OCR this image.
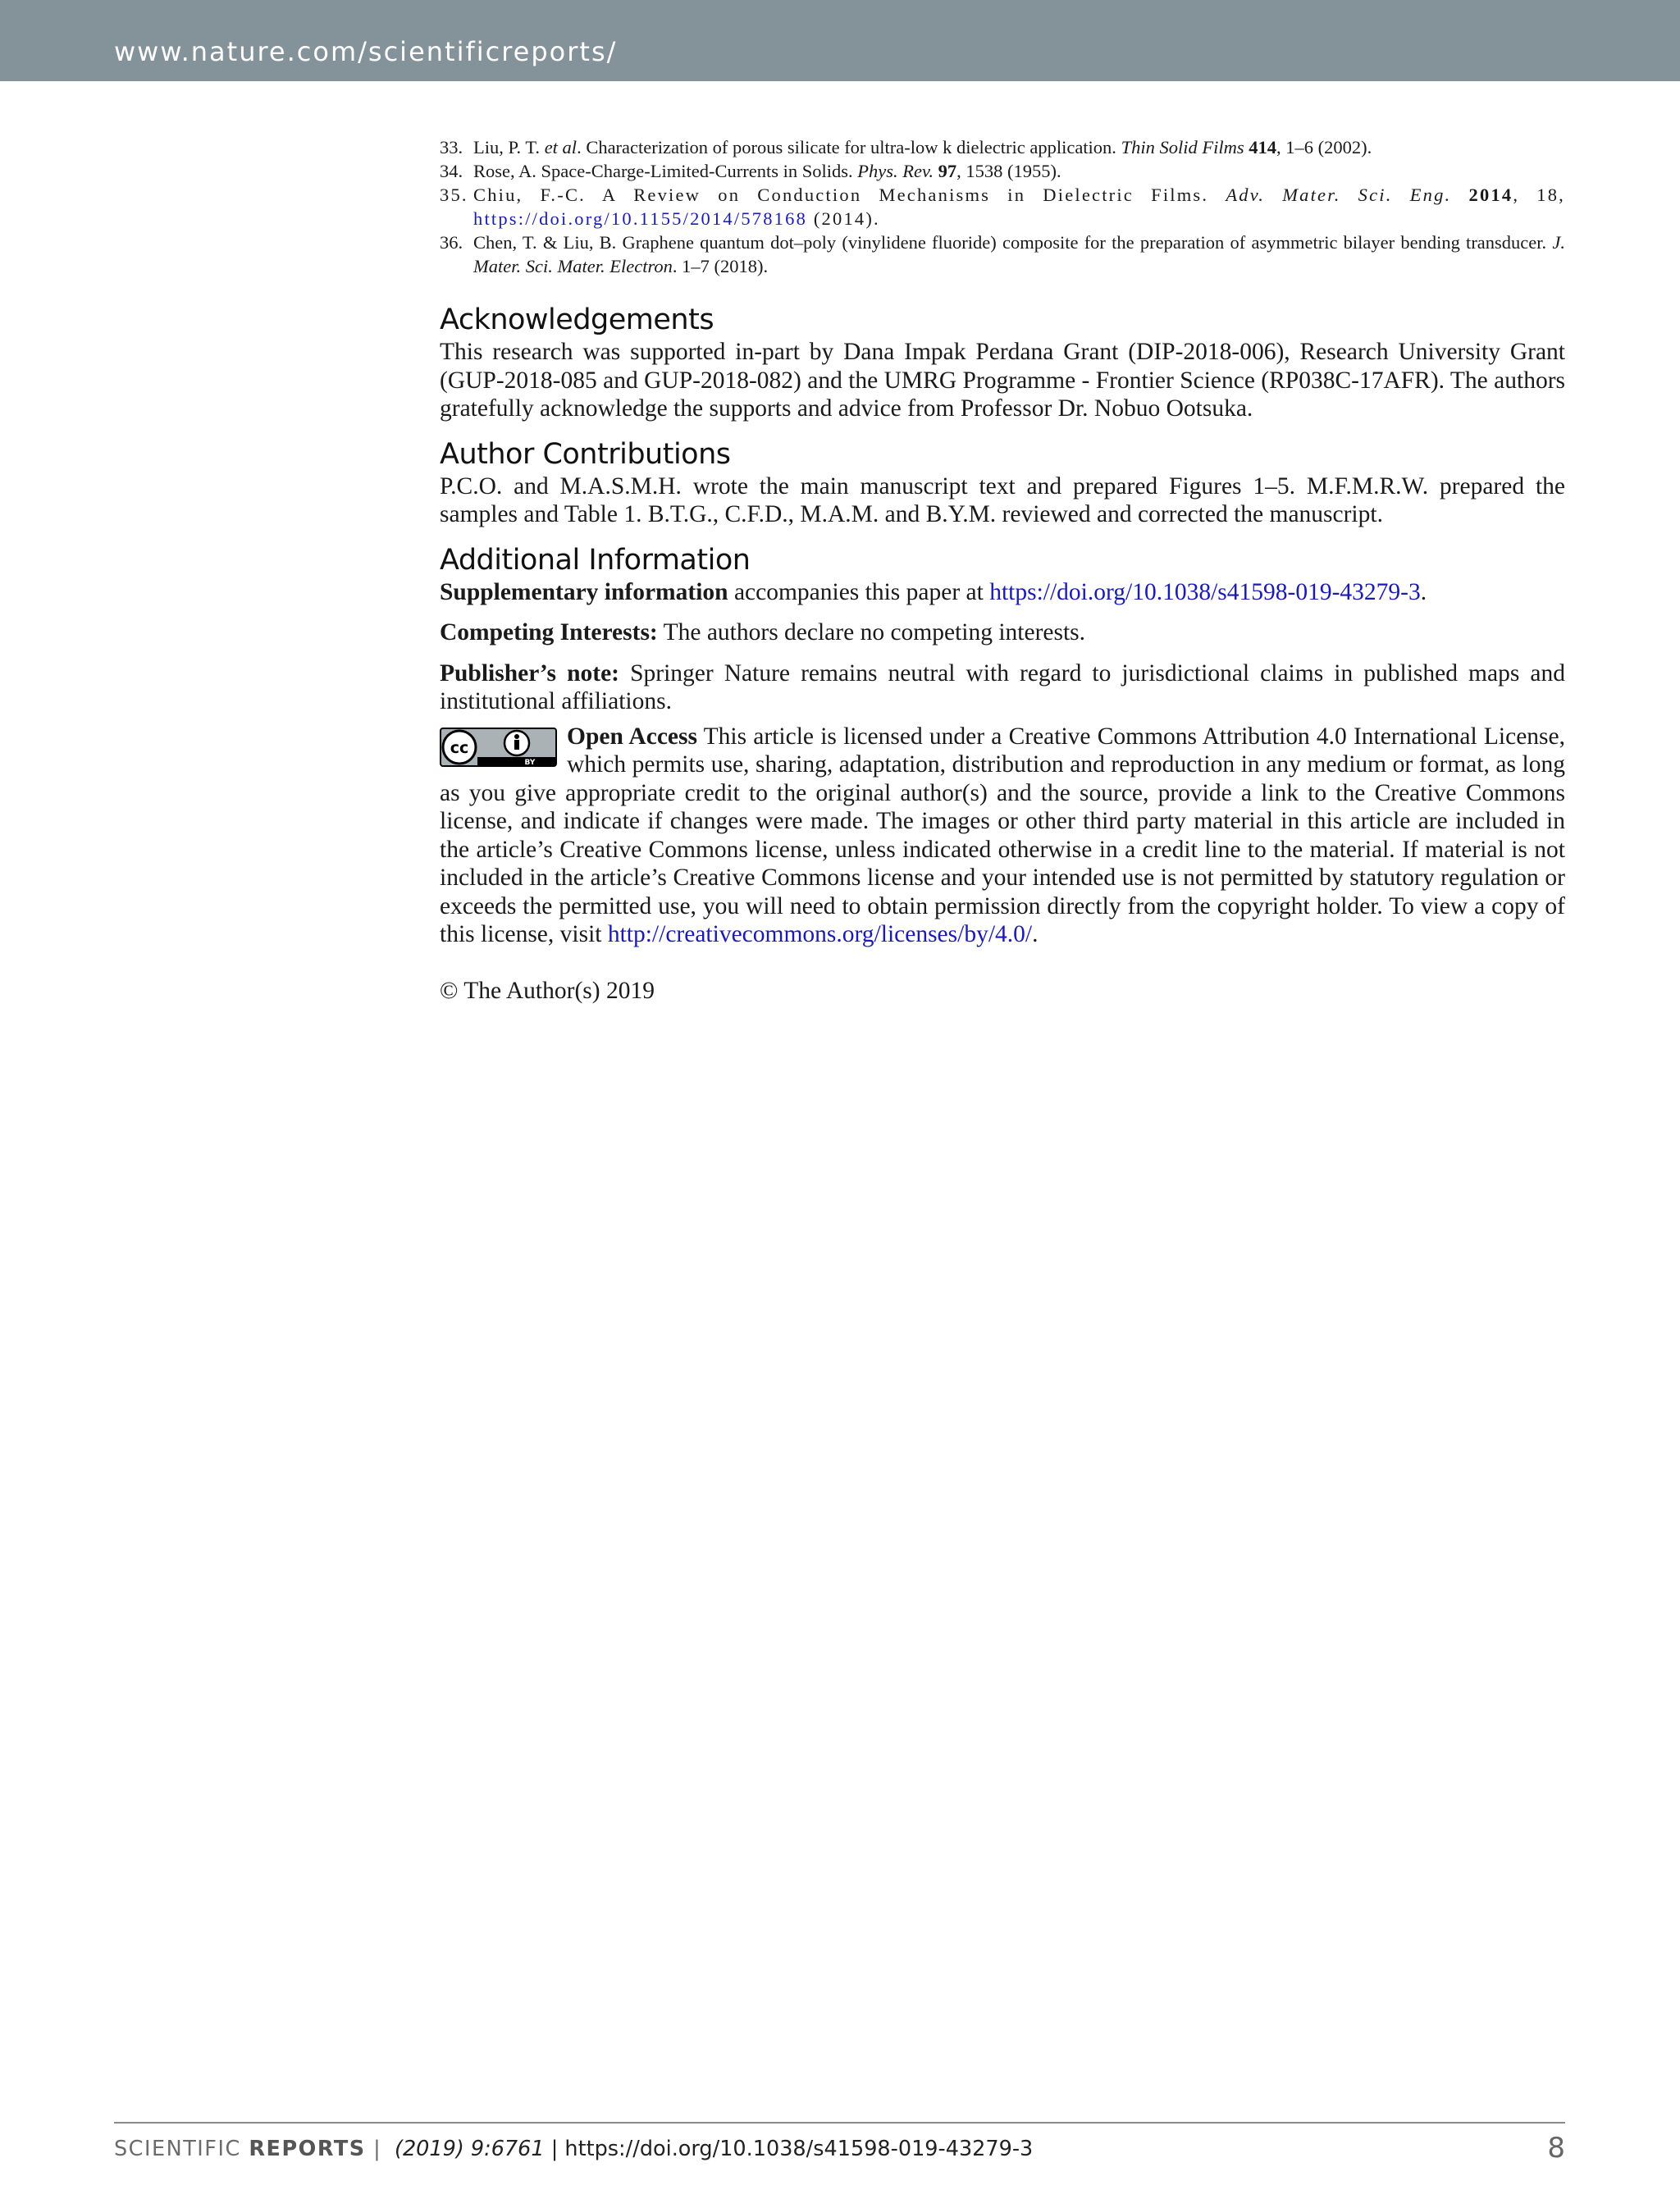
www.nature.com/scientificreports/
33. Liu, P. T. et al. Characterization of porous silicate for ultra-low k dielectric application. Thin Solid Films 414, 1–6 (2002).
34. Rose, A. Space-Charge-Limited-Currents in Solids. Phys. Rev. 97, 1538 (1955).
35. Chiu, F.-C. A Review on Conduction Mechanisms in Dielectric Films. Adv. Mater. Sci. Eng. 2014, 18, https://doi.org/10.1155/2014/578168 (2014).
36. Chen, T. & Liu, B. Graphene quantum dot–poly (vinylidene fluoride) composite for the preparation of asymmetric bilayer bending transducer. J. Mater. Sci. Mater. Electron. 1–7 (2018).
Acknowledgements

This research was supported in-part by Dana Impak Perdana Grant (DIP-2018-006), Research University Grant (GUP-2018-085 and GUP-2018-082) and the UMRG Programme - Frontier Science (RP038C-17AFR). The authors gratefully acknowledge the supports and advice from Professor Dr. Nobuo Ootsuka.

Author Contributions

P.C.O. and M.A.S.M.H. wrote the main manuscript text and prepared Figures 1–5. M.F.M.R.W. prepared the samples and Table 1. B.T.G., C.F.D., M.A.M. and B.Y.M. reviewed and corrected the manuscript.

Additional Information

Supplementary information accompanies this paper at https://doi.org/10.1038/s41598-019-43279-3.

Competing Interests: The authors declare no competing interests.

Publisher’s note: Springer Nature remains neutral with regard to jurisdictional claims in published maps and institutional affiliations.

cc
BY

Open Access This article is licensed under a Creative Commons Attribution 4.0 International License, which permits use, sharing, adaptation, distribution and reproduction in any medium or format, as long as you give appropriate credit to the original author(s) and the source, provide a link to the Creative Commons license, and indicate if changes were made. The images or other third party material in this article are included in the article’s Creative Commons license, unless indicated otherwise in a credit line to the material. If material is not included in the article’s Creative Commons license and your intended use is not permitted by statutory regulation or exceeds the permitted use, you will need to obtain permission directly from the copyright holder. To view a copy of this license, visit http://creativecommons.org/licenses/by/4.0/.

© The Author(s) 2019

SCIENTIFIC REPORTS | (2019) 9:6761 | https://doi.org/10.1038/s41598-019-43279-3	8
